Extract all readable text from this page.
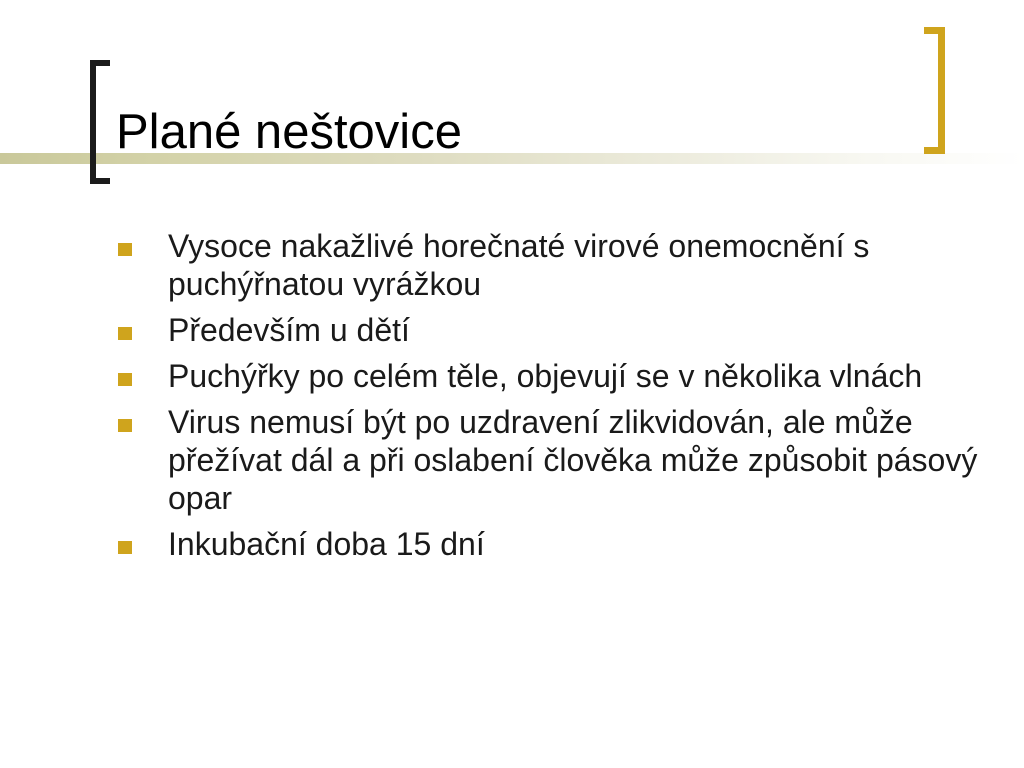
Plané neštovice
Vysoce nakažlivé horečnaté virové onemocnění s puchýřnatou vyrážkou
Především u dětí
Puchýřky po celém těle, objevují se v několika vlnách
Virus nemusí být po uzdravení zlikvidován, ale může přežívat dál a při oslabení člověka může způsobit pásový opar
Inkubační doba 15 dní
